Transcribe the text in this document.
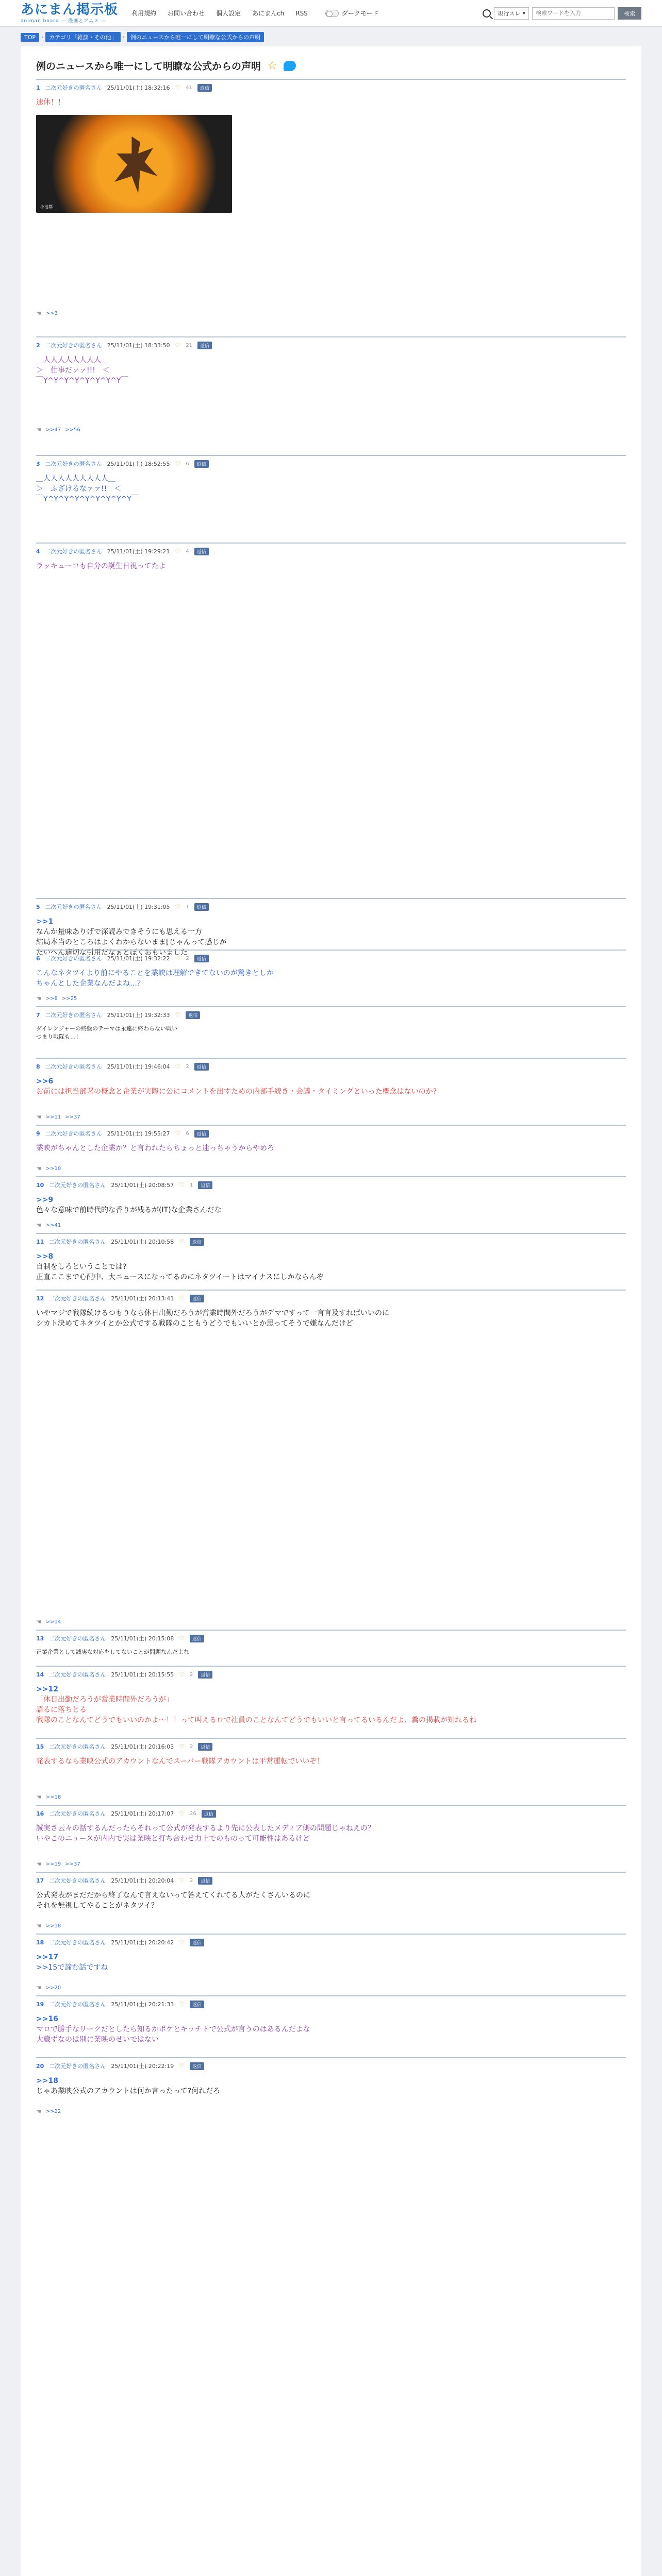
あにまん掲示板
animan board ― 漫画とアニメ ―
利用規約 お問い合わせ 個人設定 あにまんch RSS	ダークモード	現行スレ ▾
検索ワードを入力	検索
TOP	›	カテゴリ「雑談・その他」	›	例のニュースから唯一にして明瞭な公式からの声明
例のニュースから唯一にして明瞭な公式からの声明 ☆
1 二次元好きの匿名さん 25/11/01(土) 18:32:16 ♡ 41	返信
速休！！
小池都
☚ >>3
2 二次元好きの匿名さん 25/11/01(土) 18:33:50 ♡ 21	返信
＿人人人人人人人人＿
＞　仕事だァァ!!!　＜
￣Y^Y^Y^Y^Y^Y^Y^Y￣
☚ >>47 >>56
3 二次元好きの匿名さん 25/11/01(土) 18:52:55 ♡ 6	返信
＿人人人人人人人人人＿
＞　ふざけるなァァ!!　＜
￣Y^Y^Y^Y^Y^Y^Y^Y^Y￣
4 二次元好きの匿名さん 25/11/01(土) 19:29:21 ♡ 4	返信
ラッキューロも自分の誕生日祝ってたよ
5 二次元好きの匿名さん 25/11/01(土) 19:31:05 ♡ 1	返信
>>1
なんか量味ありげで深読みできそうにも思える一方
結局本当のところはよくわからないまま[じゃんって感じが
たいへん適切な引用だなぁとぼくおもいました
6 二次元好きの匿名さん 25/11/01(土) 19:32:22 ♡ 2	返信
こんなネタツイより前にやることを業峡は理解できてないのが驚きとしか
ちゃんとした企業なんだよね…？
☚ >>8 >>25
7 二次元好きの匿名さん 25/11/01(土) 19:32:33 ♡	返信
ダイレンジャーの終盤のテーマは永遠に終わらない戦い
つまり戦隊も…！
8 二次元好きの匿名さん 25/11/01(土) 19:46:04 ♡ 2	返信
>>6
お前には担当部署の概念と企業が実際に公にコメントを出すための内部手続き・会議・タイミングといった概念はないのか?
☚ >>11 >>37
9 二次元好きの匿名さん 25/11/01(土) 19:55:27 ♡ 6	返信
業映がちゃんとした企業か？と言われたらちょっと迷っちゃうからやめろ
☚ >>10
10 二次元好きの匿名さん 25/11/01(土) 20:08:57 ♡ 1	返信
>>9
色々な意味で前時代的な香りが残るが(IT)な企業さんだな
☚ >>41
11 二次元好きの匿名さん 25/11/01(土) 20:10:58 ♡	返信
>>8
自制をしろということでは?
正直ここまで心配中、大ニュースになってるのにネタツイートはマイナスにしかならんぞ
12 二次元好きの匿名さん 25/11/01(土) 20:13:41 ♡	返信
いやマジで戦隊続けるつもりなら休日出勤だろうが営業時間外だろうがデマですって一言言及すればいいのに
シカト決めてネタツイとか公式でする戦隊のこともうどうでもいいとか思ってそうで嫌なんだけど
☚ >>14
13 二次元好きの匿名さん 25/11/01(土) 20:15:08 ♡	返信
正業企業として誠実な対応をしてないことが問題なんだよな
14 二次元好きの匿名さん 25/11/01(土) 20:15:55 ♡ 2	返信
>>12
「休日出勤だろうが営業時間外だろうが」
語るに落ちとる
戦隊のことなんてどうでもいいのかよ～！！って叫えるロで社員のことなんてどうでもいいと言ってるいるんだよ、糞の掲載が知れるね
15 二次元好きの匿名さん 25/11/01(土) 20:16:03 ♡ 2	返信
発表するなら業映公式のアカウントなんでスーパー戦隊アカウントは平常運転でいいぞ！
☚ >>18
16 二次元好きの匿名さん 25/11/01(土) 20:17:07 ♡ 26	返信
誠実さ云々の話するんだったらそれって公式が発表するより先に公表したメディア側の問題じゃねえの？
いやこのニュースが内内で実は業映と打ち合わせ力上でのものって可能性はあるけど
☚ >>19 >>37
17 二次元好きの匿名さん 25/11/01(土) 20:20:04 ♡ 2	返信
公式発表がまだだから終了なんて言えないって答えてくれてる人がたくさんいるのに
それを無視してやることがネタツイ？
☚ >>18
18 二次元好きの匿名さん 25/11/01(土) 20:20:42 ♡	返信
>>17
>>15で諦む話ですね
☚ >>20
19 二次元好きの匿名さん 25/11/01(土) 20:21:33 ♡	返信
>>16
マロで勝手なリークだとしたら知るかボケとキッチトで公式が言うのはあるんだよな
大蔵ずなのは別に業映のせいではない
20 二次元好きの匿名さん 25/11/01(土) 20:22:19 ♡	返信
>>18
じゃあ業映公式のアカウントは何か言ったって?何れだろ
☚ >>22
